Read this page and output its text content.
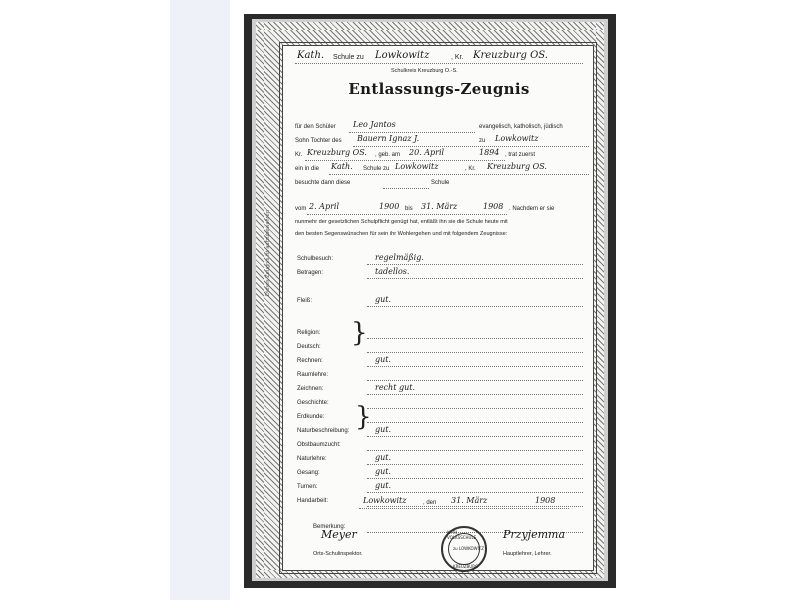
Dieses Zeugnis ist aufzubewahren
Kath. Schule zu Lowkowitz	, Kr. Kreuzburg OS.
Schulkreis Kreuzburg O.-S.
Entlassungs-Zeugnis
für den Schüler Leo Jantos	evangelisch, katholisch, jüdisch
Sohn Tochter des Bauern Ignaz J.	zu Lowkowitz
Kr. Kreuzburg OS. , geb. am 20. April	1894 , trat zuerst
ein in die Kath. Schule zu Lowkowitz	, Kr. Kreuzburg OS.
besuchte dann diese	Schule
vom 2. April	1900 bis 31. März	1908 . Nachdem er sie
nunmehr der gesetzlichen Schulpflicht genügt hat, entläßt ihn sie die Schule heute mit
den besten Segenswünschen für sein ihr Wohlergehen und mit folgendem Zeugnisse:
Schulbesuch:	regelmäßig.
Betragen:	tadellos.
Fleiß:	gut.
Religion:
Deutsch:
Rechnen:	gut.
Raumlehre:
Zeichnen:	recht gut.
Geschichte:
Erdkunde:
Naturbeschreibung:	gut.
Obstbaumzucht:
Naturlehre:	gut.
Gesang:	gut.
Turnen:	gut.
Handarbeit:
Bemerkung:
}
}
Lowkowitz	, den 31. März	1908
Meyer
Orts-Schulinspektor.
Przyjemma
Hauptlehrer, Lehrer.
KATH. VOLKSSCHULE
zu LOWKOWITZ
KREUZBURG
